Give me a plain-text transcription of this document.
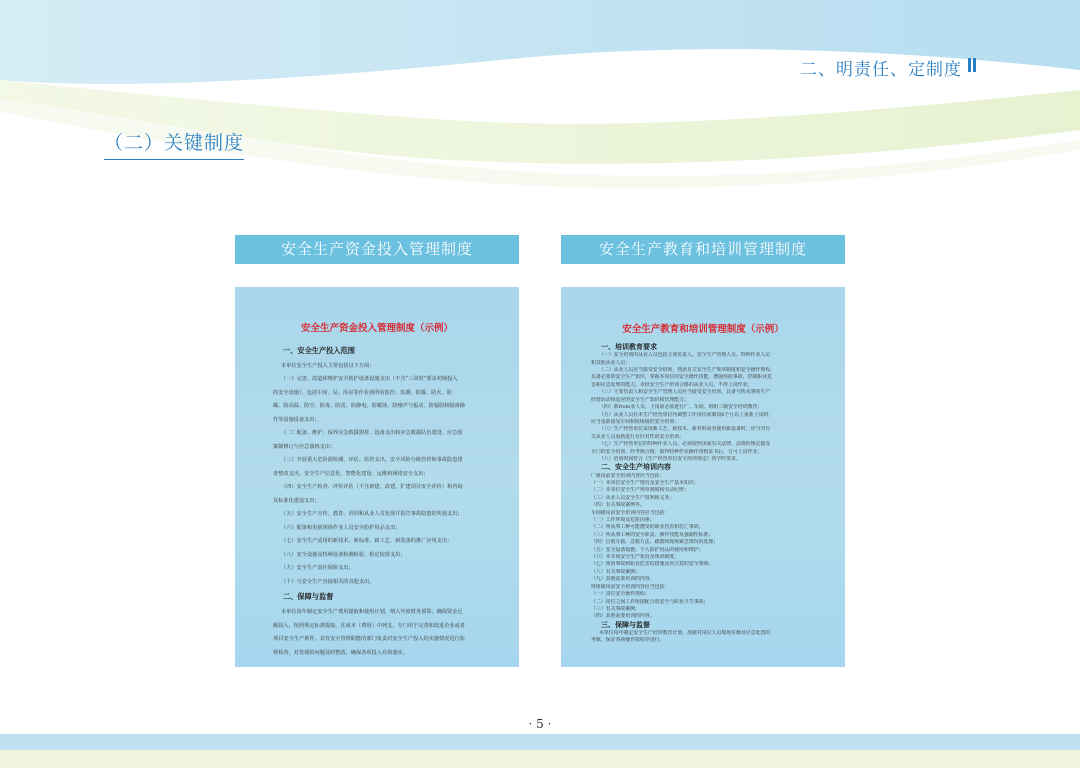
二、明责任、定制度
（二）关键制度
安全生产资金投入管理制度	安全生产教育和培训管理制度
安全生产资金投入管理制度（示例）
一、安全生产投入范围
本单位安全生产投入主要包括以下方面：
（一）完善、改造和维护安全防护设备设施支出（不含“三同时”要求初期投入
的安全设施），包括车间、站、库房等作业场所的监控、监测、防爆、防火、防
爆、防高温、防尘、防毒、防雷、防静电、防腐蚀、防噪声与振动、防辐射和隔离操
作等设施设备支出；
（二）配备、维护、保养应急救援器材、设备支出和应急救援队伍建设、应急预
案制修订与应急演练支出；
（三）开展重大危险源检测、评估、监控支出，安全风险分级管控和事故隐患排
查整改支出，安全生产信息化、智能化建设、运维和网络安全支出；
（四）安全生产检查、评价评估（不含新建、改建、扩建项目安全评价）和咨询
及标准化建设支出；
（五）安全生产宣传、教育、培训和从业人员发现并报告事故隐患的奖励支出；
（六）配备和更新现场作业人员安全防护用品支出；
（七）安全生产适用的新技术、新标准、新工艺、新装备的推广应用支出；
（八）安全设施及特种设备检测检验、检定校准支出；
（九）安全生产责任保险支出；
（十）与安全生产直接相关的其他支出。
二、保障与监督
本单位每年制定安全生产费用提取和使用计划，纳入年度财务预算，确保资金足
额投入，按照规定标准提取，在成本（费用）中列支，专门用于完善和改进企业或者
项目安全生产条件。其有安全管理职能的部门负责对安全生产投入的实施情况进行监
督检查，对发现的问题及时整改，确保各项投入有效落实。
安全生产教育和培训管理制度（示例）
一、培训教育要求
（一）安全培训的从业人员包括主要负责人、安全生产管理人员、特种作业人员
和其他从业人员；
（二）从业人员应当接受安全培训，熟悉有关安全生产规章制度和安全操作规程，
具备必要的安全生产知识，掌握本岗位的安全操作技能，增强预防事故、控制职业危
害和应急处理的能力，未经安全生产培训合格的从业人员，不得上岗作业；
（三）主要负责人和安全生产管理人员应当接受安全培训，具备与所从事的生产
经营活动相适应的安全生产知识和管理能力；
（四）新from业人员，上岗前必须进行厂、车间、班组三级安全培训教育；
（五）从业人员在本生产经营单位内调整工作岗位或离岗6个月以上重新上岗时，
应当重新接受车间和班组级的安全培训；
（六）生产经营单位采用新工艺、新技术、新材料或者使用新设备时，应当对有
关从业人员重新进行有针对性的安全培训；
（七）生产经营单位的特种作业人员，必须按照国家有关法律、法规的规定接受
专门的安全培训，经考核合格，取得特种作业操作资格证书后，方可上岗作业；
（八）培训时间符合《生产经营单位安全培训规定》的学时要求。
二、安全生产培训内容
厂级岗前安全培训内容应当包括：
（一）本单位安全生产情况及安全生产基本知识；
（二）本单位安全生产规章制度和劳动纪律；
（三）从业人员安全生产权利和义务；
（四）有关事故案例等。
车间级岗前安全培训内容应当包括：
（一）工作环境及危险因素；
（二）所从事工种可能遭受的职业伤害和伤亡事故；
（三）所从事工种的安全职责、操作技能及强制性标准；
（四）自救互救、急救方法、疏散和现场紧急情况的处理；
（五）安全设备设施、个人防护用品的使用和维护；
（六）本车间安全生产状况及规章制度；
（七）预防事故和职业危害的措施及应注意的安全事项；
（八）有关事故案例；
（九）其他需要培训的内容。
班组级岗前安全培训内容应当包括：
（一）岗位安全操作规程；
（二）岗位之间工作衔接配合的安全与职业卫生事项；
（三）有关事故案例；
（四）其他需要培训的内容。
三、保障与监督
本单位每年制定安全生产培训教育计划，加强对岗位人员现场实操及应急处置的
考核，保证各项操作按程序进行。
· 5 ·
